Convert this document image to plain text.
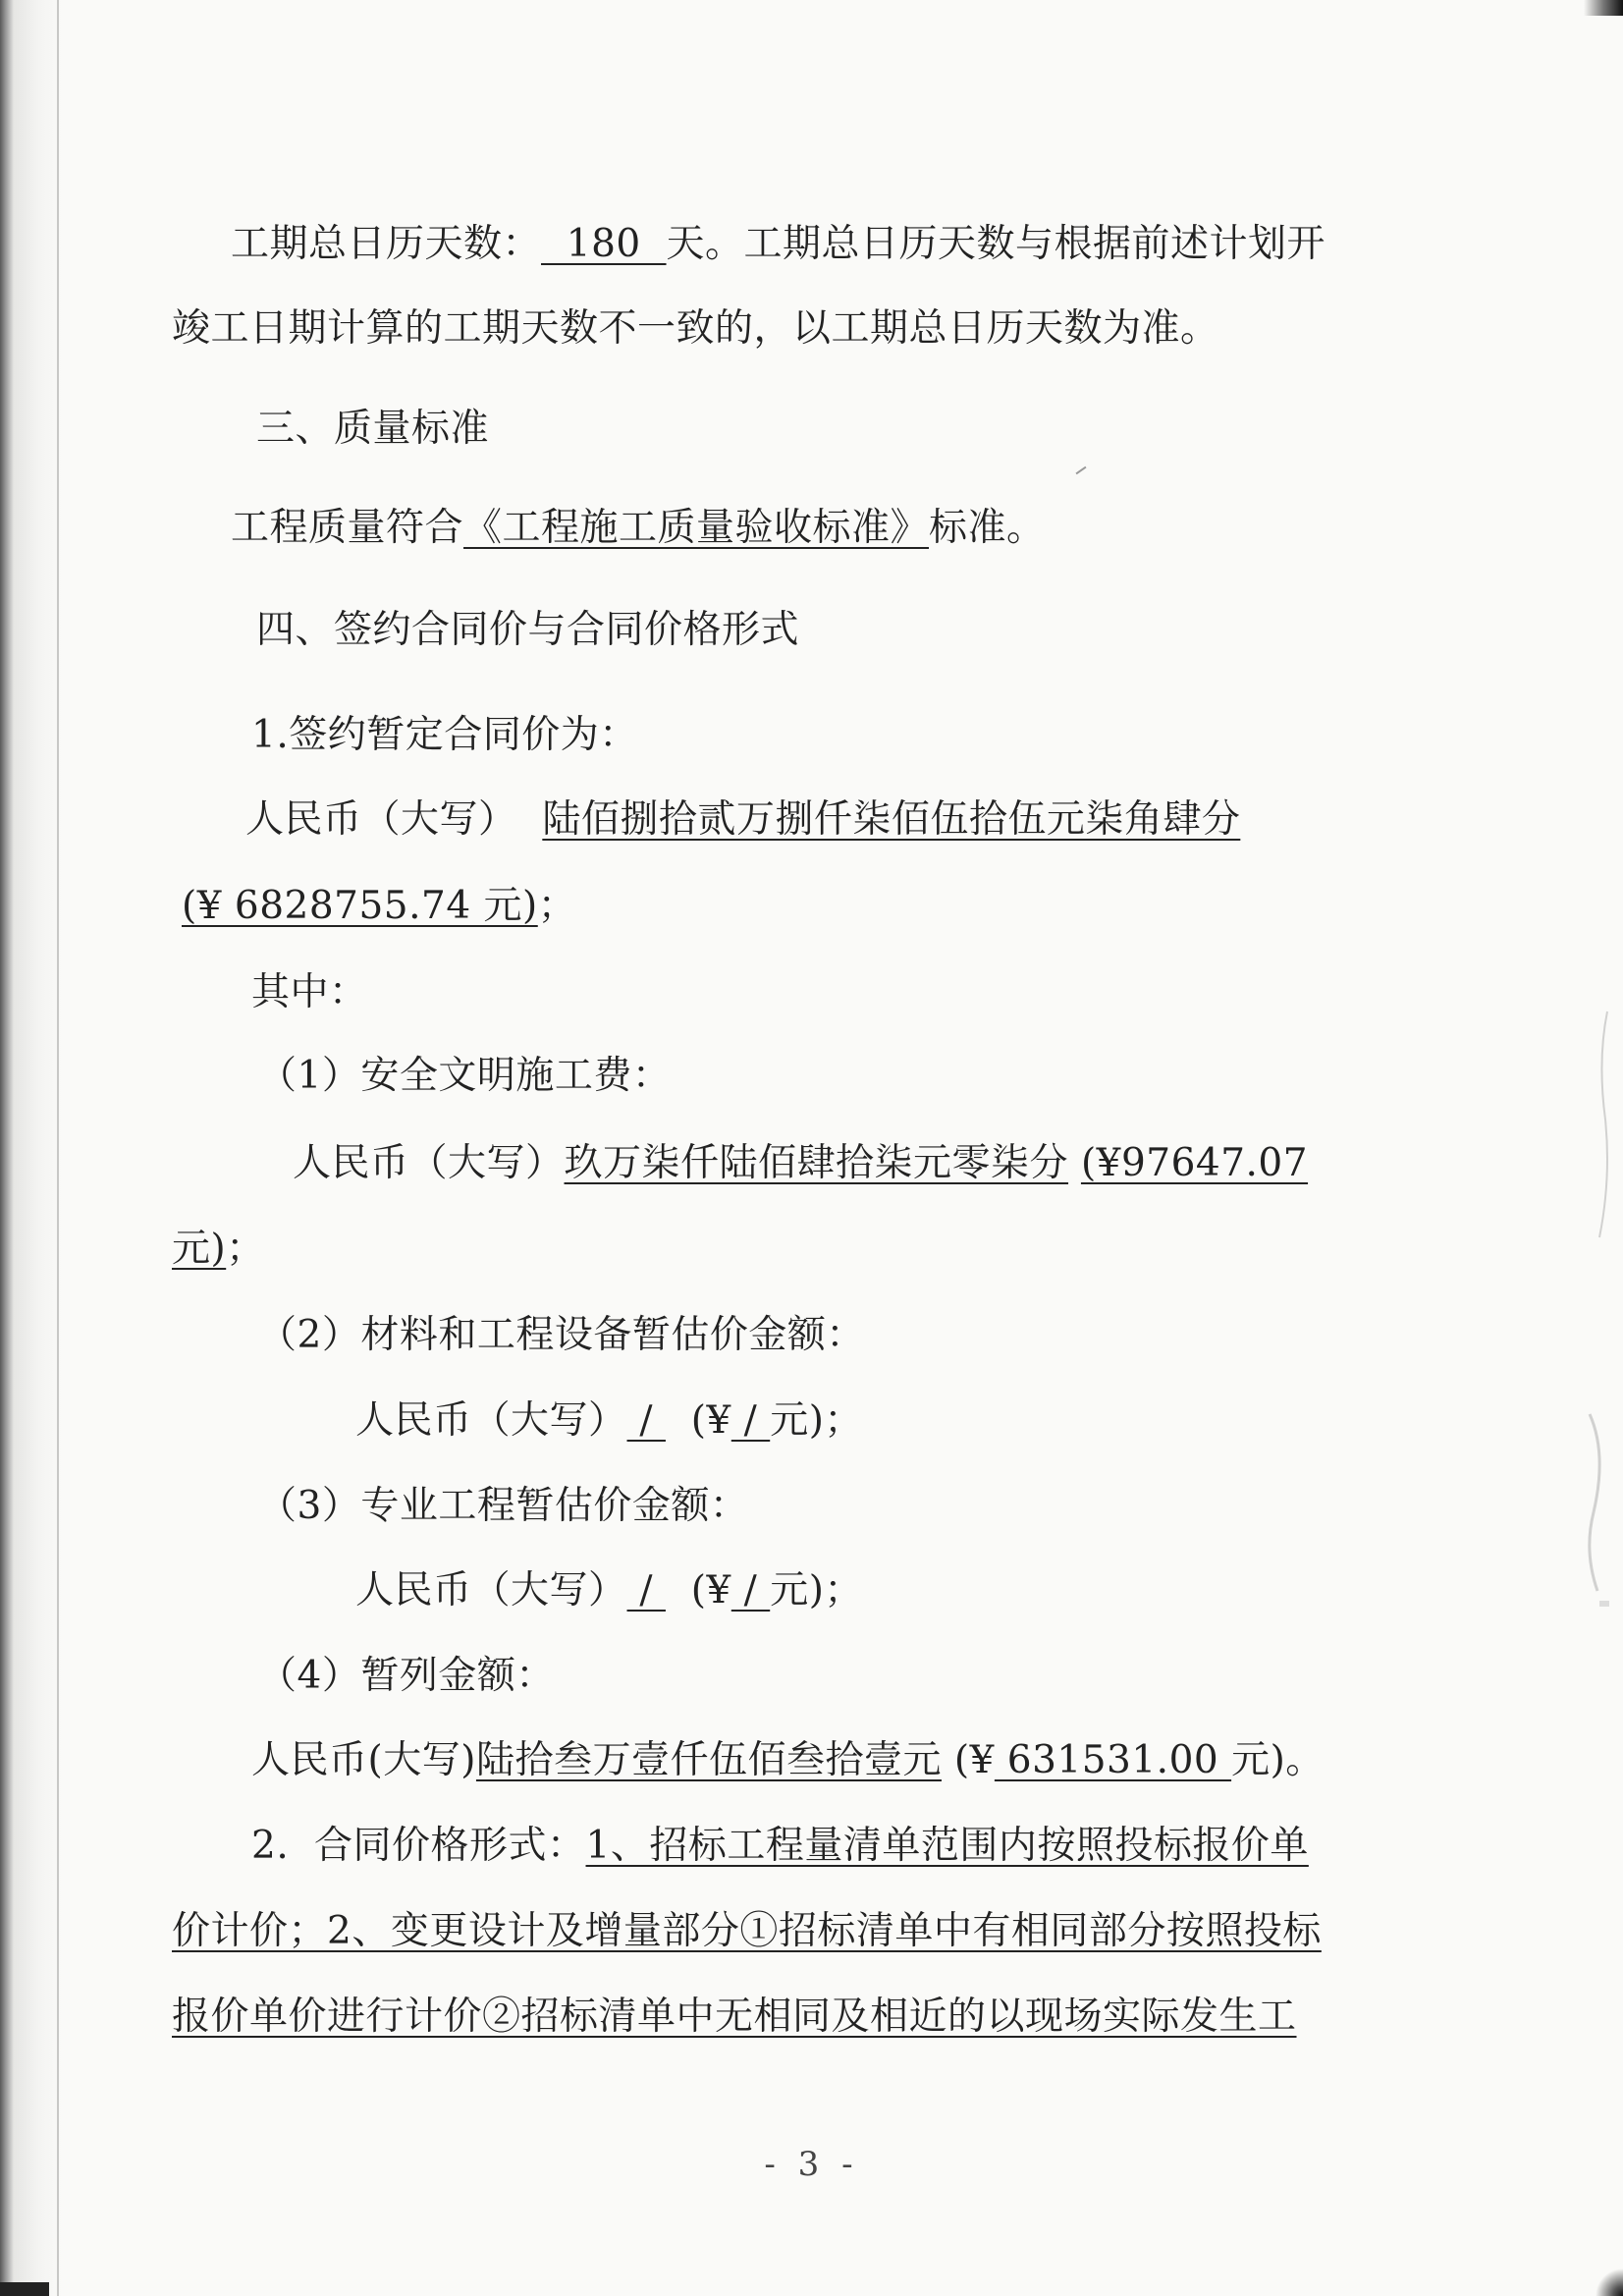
工期总日历天数：  180  天。工期总日历天数与根据前述计划开
竣工日期计算的工期天数不一致的，以工期总日历天数为准。
三、质量标准
工程质量符合《工程施工质量验收标准》标准。
四、签约合同价与合同价格形式
1.签约暂定合同价为：
人民币（大写） 陆佰捌拾贰万捌仟柒佰伍拾伍元柒角肆分
(¥ 6828755.74 元)；
其中：
（1）安全文明施工费：
人民币（大写）玖万柒仟陆佰肆拾柒元零柒分 (¥97647.07
元)；
（2）材料和工程设备暂估价金额：
人民币（大写） /   (¥ / 元)；
（3）专业工程暂估价金额：
人民币（大写） /   (¥ / 元)；
（4）暂列金额：
人民币(大写)陆拾叁万壹仟伍佰叁拾壹元 (¥ 631531.00 元)。
2.  合同价格形式：1、招标工程量清单范围内按照投标报价单
价计价；2、变更设计及增量部分①招标清单中有相同部分按照投标
报价单价进行计价②招标清单中无相同及相近的以现场实际发生工
- 3 -
